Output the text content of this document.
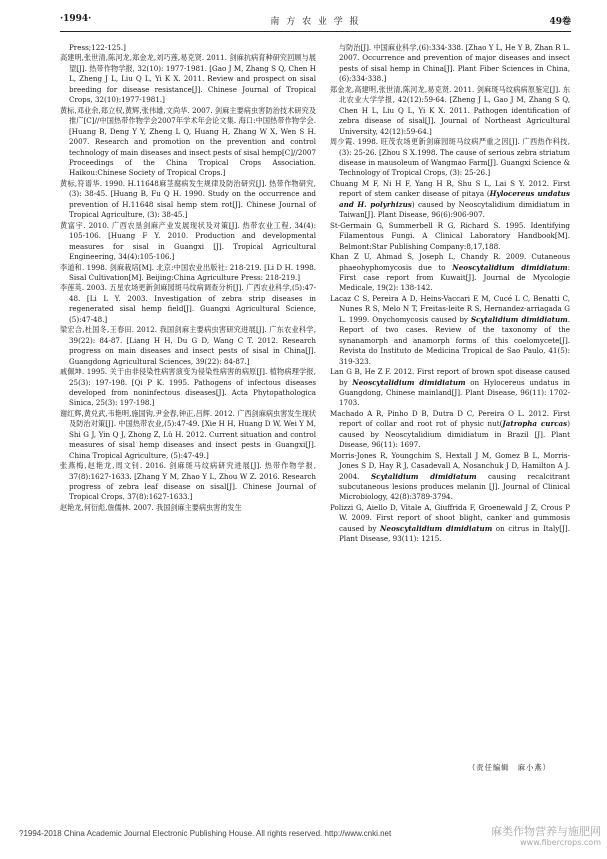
·1994·	南 方 农 业 学 报	49卷

Press;122-125.]

高建明,张世清,陈河龙,郑金龙,刘巧莲,易克贤. 2011. 剑麻抗病育种研究回顾与展望[J]. 热带作物学报, 32(10): 1977-1981. [Gao J M, Zhang S Q, Chen H L, Zheng J L, Liu Q L, Yi K X. 2011. Review and prospect on sisal breeding for disease resistance[J]. Chinese Journal of Tropical Crops, 32(10):1977-1981.]

黄标,邓业余,郑立权,黄辉,张伟雄,文尚华. 2007. 剑麻主要病虫害防治技术研究及推广[C]//中国热带作物学会2007年学术年会论文集. 海口:中国热带作物学会. [Huang B, Deng Y Y, Zheng L Q, Huang H, Zhang W X, Wen S H. 2007. Research and promotion on the prevention and control technology of main diseases and insect pests of sisal hemp[C]//2007 Proceedings of the China Tropical Crops Association. Haikou:Chinese Society of Tropical Crops.]

黄标,符谱华. 1990. H.11648麻茎腐病发生规律及防治研究[J]. 热带作物研究,(3): 38-45. [Huang B, Fu Q H. 1990. Study on the occurrence and prevention of H.11648 sisal hemp stem rot[J]. Chinese Journal of Tropical Agriculture, (3): 38-45.]

黄富宇. 2010. 广西农垦剑麻产业发展现状及对策[J]. 热带农业工程, 34(4): 105-106. [Huang F Y. 2010. Production and developmental measures for sisal in Guangxi [J]. Tropical Agricultural Engineering, 34(4):105-106.]

李道和. 1998. 剑麻栽培[M]. 北京:中国农业出版社: 218-219. [Li D H. 1998. Sisal Cultivation[M]. Beijing:China Agriculture Press: 218-219.]

李莲英. 2003. 五星农场更新剑麻园斑马纹病调查分析[J]. 广西农业科学,(5):47-48. [Li L Y. 2003. Investigation of zebra strip diseases in regenerated sisal hemp field[J]. Guangxi Agricultural Science, (5):47-48.]

梁宏合,杜国冬,王春田. 2012. 我国剑麻主要病虫害研究进展[J]. 广东农业科学, 39(22): 84-87. [Liang H H, Du G D, Wang C T. 2012. Research progress on main diseases and insect pests of sisal in China[J]. Guangdong Agricultural Sciences, 39(22): 84-87.]

戚佩坤. 1995. 关于由非侵染性病害演变为侵染性病害的病原[J]. 植物病理学报, 25(3): 197-198. [Qi P K. 1995. Pathogens of infectous diseases developed from noninfectous diseases[J]. Acta Phytopathologica Sinica, 25(3): 197-198.]

谢红辉,黄兑武,韦艳明,施国钩,尹金春,钟正,吕辉. 2012. 广西剑麻病虫害发生现状及防治对策[J]. 中国热带农业,(5):47-49. [Xie H H, Huang D W, Wei Y M, Shi G J, Yin Q J, Zhong Z, Lü H. 2012. Current situation and control measures of sisal hemp diseases and insect pests in Guangxi[J]. China Tropical Agriculture, (5):47-49.]

张燕梅,赵艳龙,周文钊. 2016. 剑麻斑马纹病研究进展[J]. 热带作物学报, 37(8):1627-1633. [Zhang Y M, Zhao Y L, Zhou W Z. 2016. Research progress of zebra leaf disease on sisal[J]. Chinese Journal of Tropical Crops, 37(8):1627-1633.]

赵艳龙,何衍彪,詹儒林. 2007. 我国剑麻主要病虫害的发生

与防治[J]. 中国麻业科学,(6):334-338. [Zhao Y L, He Y B, Zhan R L. 2007. Occurrence and prevention of major diseases and insect pests of sisal hemp in China[J]. Plant Fiber Sciences in China, (6):334-338.]

郑金龙,高建明,张世清,陈河龙,易克贤. 2011. 剑麻斑马纹病病原鉴定[J]. 东北农业大学学报, 42(12):59-64. [Zheng J L, Gao J M, Zhang S Q, Chen H L, Liu Q L, Yi K X. 2011. Pathogen identification of zebra disease of sisal[J]. Journal of Northeast Agricultural University, 42(12):59-64.]

周少霞. 1998. 旺茂农场更新剑麻园斑马纹病严重之因[J]. 广西热作科技,(3): 25-26. [Zhou S X.1998. The cause of serious zebra striatum disease in mausoleum of Wangmao Farm[J]. Guangxi Science & Technology of Tropical Crops, (3): 25-26.]

Chuang M F, Ni H F, Yang H R, Shu S L, Lai S Y. 2012. First report of stem canker disease of pitaya (Hylocereus undatus and H. polyrhizus) caused by Neoscytalidium dimidiatum in Taiwan[J]. Plant Disease, 96(6):906-907.

St-Germain G, Summerbell R G, Richard S. 1995. Identifying Filamentous Fungi. A Clinical Laboratory Handbook[M]. Belmont:Star Publishing Company:8,17,188.

Khan Z U, Ahmad S, Joseph L, Chandy R. 2009. Cutaneous phaeohyphomycosis due to Neoscytalidium dimidiatum: First case report from Kuwait[J]. Journal de Mycologie Medicale, 19(2): 138-142.

Lacaz C S, Pereira A D, Heins-Vaccari E M, Cucé L C, Benatti C, Nunes R S, Melo N T, Freitas-leite R S, Hernandez-arriagada G L. 1999. Onychomycosis caused by Scytalidium dimidiatum. Report of two cases. Review of the taxonomy of the synanamorph and anamorph forms of this coelomycete[J]. Revista do Instituto de Medicina Tropical de Sao Paulo, 41(5): 319-323.

Lan G B, He Z F. 2012. First report of brown spot disease caused by Neoscytalidium dimidiatum on Hylocereus undatus in Guangdong, Chinese mainland[J]. Plant Disease, 96(11): 1702-1703.

Machado A R, Pinho D B, Dutra D C, Pereira O L. 2012. First report of collar and root rot of physic nut(Jatropha curcas) caused by Neoscytalidium dimidiatum in Brazil [J]. Plant Disease, 96(11): 1697.

Morris-Jones R, Youngchim S, Hextall J M, Gomez B L, Morris-Jones S D, Hay R J, Casadevall A, Nosanchuk J D, Hamilton A J. 2004. Scytalidium dimidiatum causing recalcitrant subcutaneous lesions produces melanin [J]. Journal of Clinical Microbiology, 42(8):3789-3794.

Polizzi G, Aiello D, Vitale A, Giuffrida F, Groenewald J Z, Crous P W. 2009. First report of shoot blight, canker and gummosis caused by Neoscytalidium dimidiatum on citrus in Italy[J]. Plant Disease, 93(11): 1215.

（责任编辑　麻小燕）
?1994-2018 China Academic Journal Electronic Publishing House. All rights reserved. http://www.cnki.net	麻类作物营养与施肥网
www.fibercrops.com
